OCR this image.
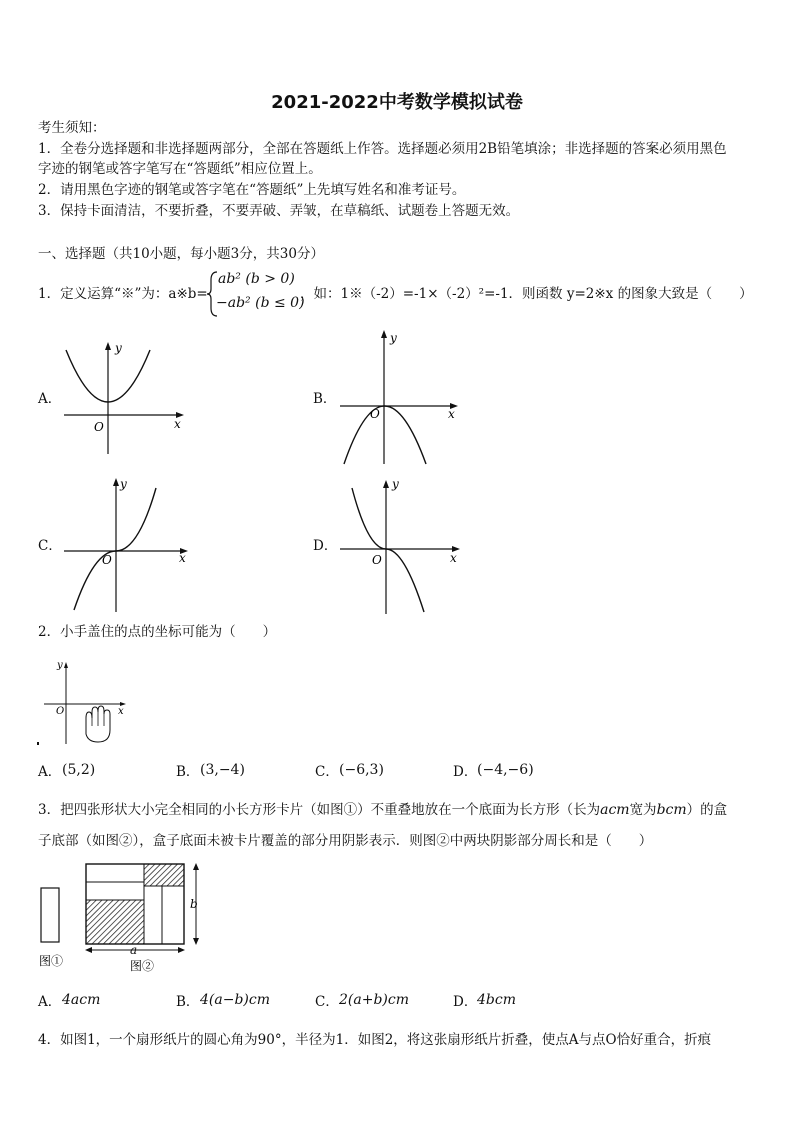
2021-2022中考数学模拟试卷
考生须知：
1．全卷分选择题和非选择题两部分，全部在答题纸上作答。选择题必须用2B铅笔填涂；非选择题的答案必须用黑色
字迹的钢笔或答字笔写在“答题纸”相应位置上。
2．请用黑色字迹的钢笔或答字笔在“答题纸”上先填写姓名和准考证号。
3．保持卡面清洁，不要折叠，不要弄破、弄皱，在草稿纸、试题卷上答题无效。
一、选择题（共10小题，每小题3分，共30分）
1．定义运算“※”为：a※b=
ab² (b > 0)
−ab² (b ≤ 0)
，如：1※（-2）=-1×（-2）²=-1．则函数 y=2※x 的图象大致是（　　）
A．
y
x
O
B．
y
x
O
C．
y
x
O
D．
y
x
O
2．小手盖住的点的坐标可能为（　　）
y
x
O
A． (5,2)	B． (3,−4)	C． (−6,3)	D． (−4,−6)
3．把四张形状大小完全相同的小长方形卡片（如图①）不重叠地放在一个底面为长方形（长为acm宽为bcm）的盒
子底部（如图②），盒子底面未被卡片覆盖的部分用阴影表示．则图②中两块阴影部分周长和是（　　）
图①
b
a
图②
A． 4acm	B． 4(a−b)cm	C． 2(a+b)cm	D． 4bcm
4．如图1，一个扇形纸片的圆心角为90°，半径为1．如图2，将这张扇形纸片折叠，使点A与点O恰好重合，折痕
